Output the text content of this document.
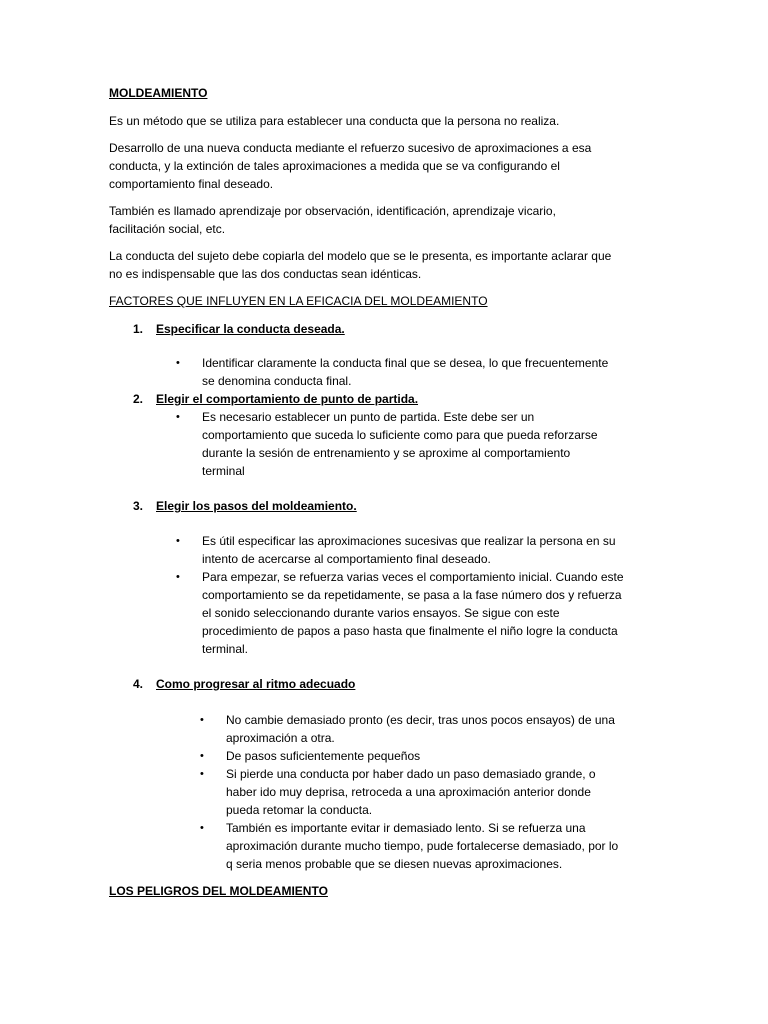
MOLDEAMIENTO

Es un método que se utiliza para establecer una conducta que la persona no realiza.

Desarrollo de una nueva conducta mediante el refuerzo sucesivo de aproximaciones a esa

conducta, y la extinción de tales aproximaciones a medida que se va configurando el

comportamiento final deseado.

También es llamado aprendizaje por observación, identificación, aprendizaje vicario,

facilitación social, etc.

La conducta del sujeto debe copiarla del modelo que se le presenta, es importante aclarar que

no es indispensable que las dos conductas sean idénticas.

FACTORES QUE INFLUYEN EN LA EFICACIA DEL MOLDEAMIENTO

1. Especificar la conducta deseada.

• Identificar claramente la conducta final que se desea, lo que frecuentemente

se denomina conducta final.

2. Elegir el comportamiento de punto de partida.

• Es necesario establecer un punto de partida. Este debe ser un

comportamiento que suceda lo suficiente como para que pueda reforzarse

durante la sesión de entrenamiento y se aproxime al comportamiento

terminal

3. Elegir los pasos del moldeamiento.

• Es útil especificar las aproximaciones sucesivas que realizar la persona en su

intento de acercarse al comportamiento final deseado.

• Para empezar, se refuerza varias veces el comportamiento inicial. Cuando este

comportamiento se da repetidamente, se pasa a la fase número dos y refuerza

el sonido seleccionando durante varios ensayos. Se sigue con este

procedimiento de papos a paso hasta que finalmente el niño logre la conducta

terminal.

4. Como progresar al ritmo adecuado

• No cambie demasiado pronto (es decir, tras unos pocos ensayos) de una

aproximación a otra.

• De pasos suficientemente pequeños

• Si pierde una conducta por haber dado un paso demasiado grande, o

haber ido muy deprisa, retroceda a una aproximación anterior donde

pueda retomar la conducta.

• También es importante evitar ir demasiado lento. Si se refuerza una

aproximación durante mucho tiempo, pude fortalecerse demasiado, por lo

q seria menos probable que se diesen nuevas aproximaciones.

LOS PELIGROS DEL MOLDEAMIENTO
